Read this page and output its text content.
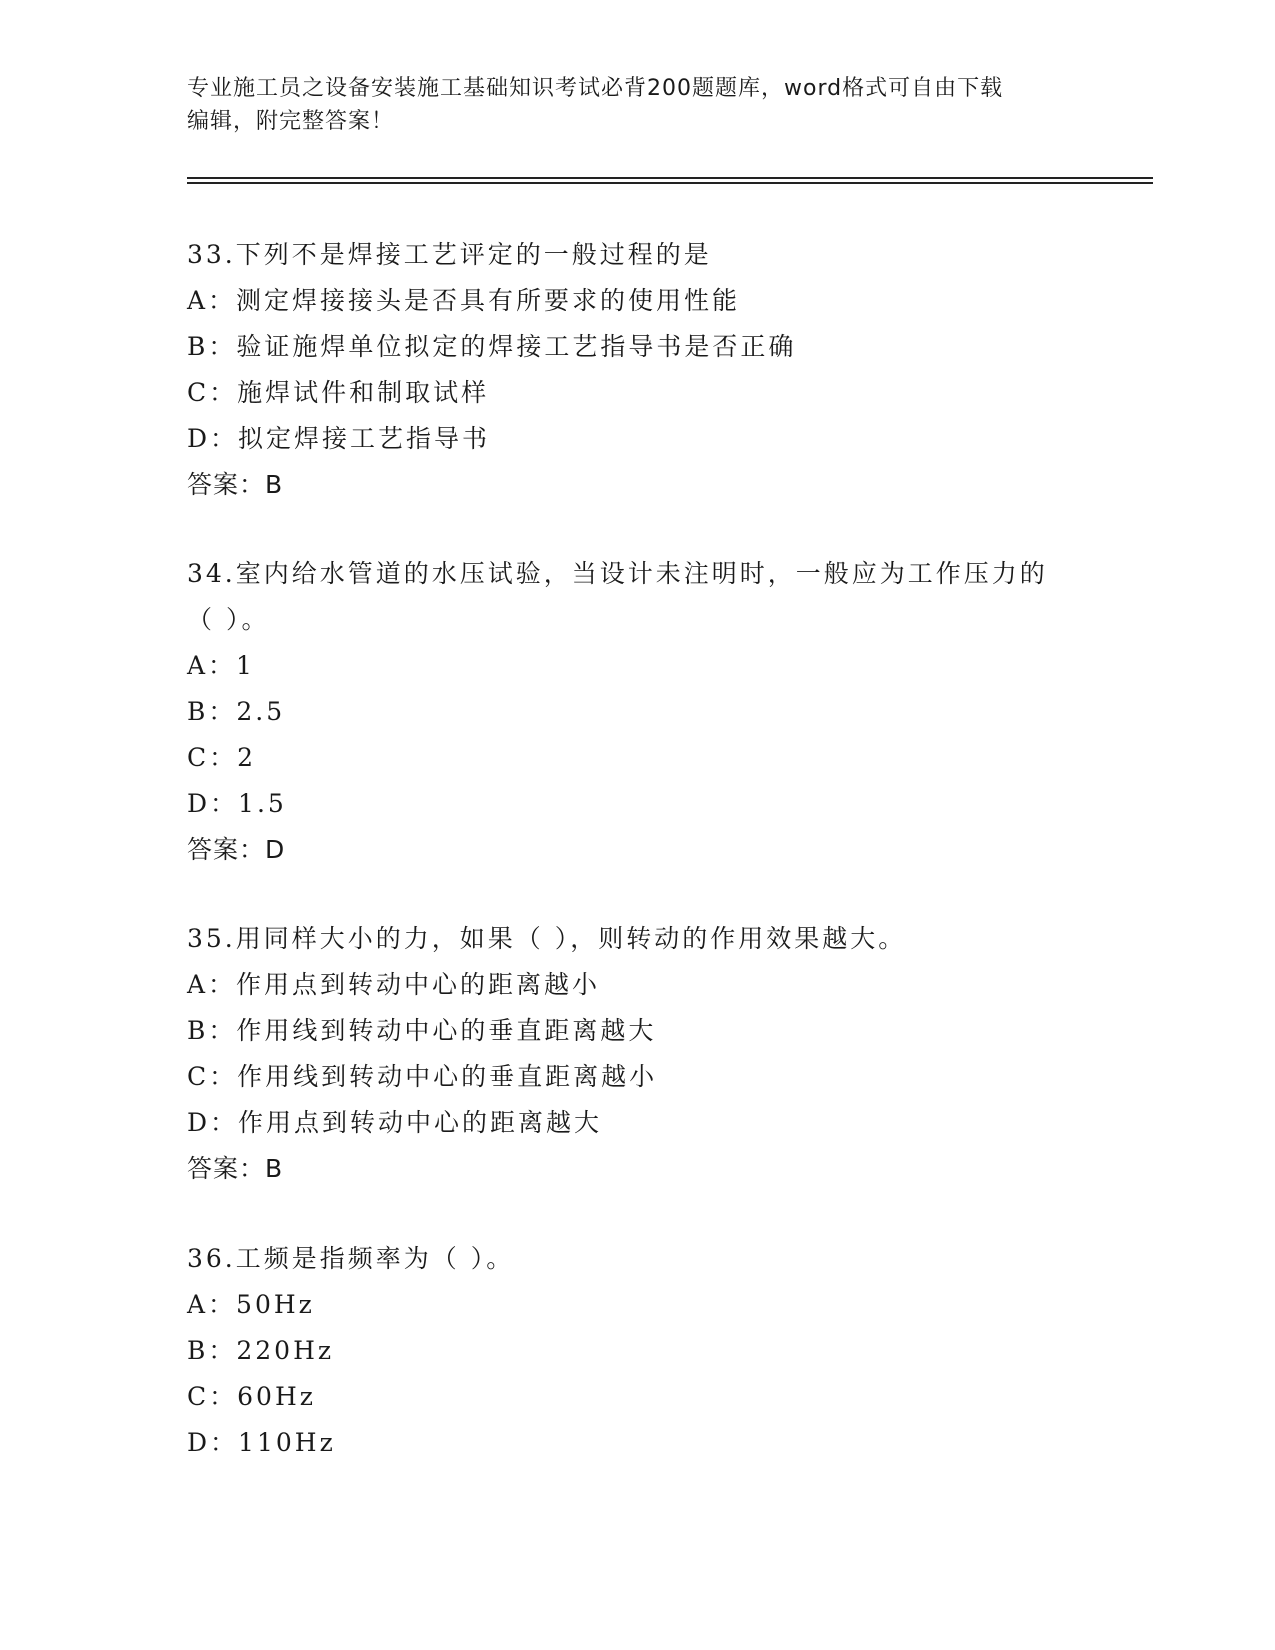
专业施工员之设备安装施工基础知识考试必背200题题库，word格式可自由下载
编辑，附完整答案！
33.下列不是焊接工艺评定的一般过程的是
A：测定焊接接头是否具有所要求的使用性能
B：验证施焊单位拟定的焊接工艺指导书是否正确
C：施焊试件和制取试样
D：拟定焊接工艺指导书
答案：B
34.室内给水管道的水压试验，当设计未注明时，一般应为工作压力的
（ ）。
A：1
B：2.5
C：2
D：1.5
答案：D
35.用同样大小的力，如果（ ），则转动的作用效果越大。
A：作用点到转动中心的距离越小
B：作用线到转动中心的垂直距离越大
C：作用线到转动中心的垂直距离越小
D：作用点到转动中心的距离越大
答案：B
36.工频是指频率为（ ）。
A：50Hz
B：220Hz
C：60Hz
D：110Hz
